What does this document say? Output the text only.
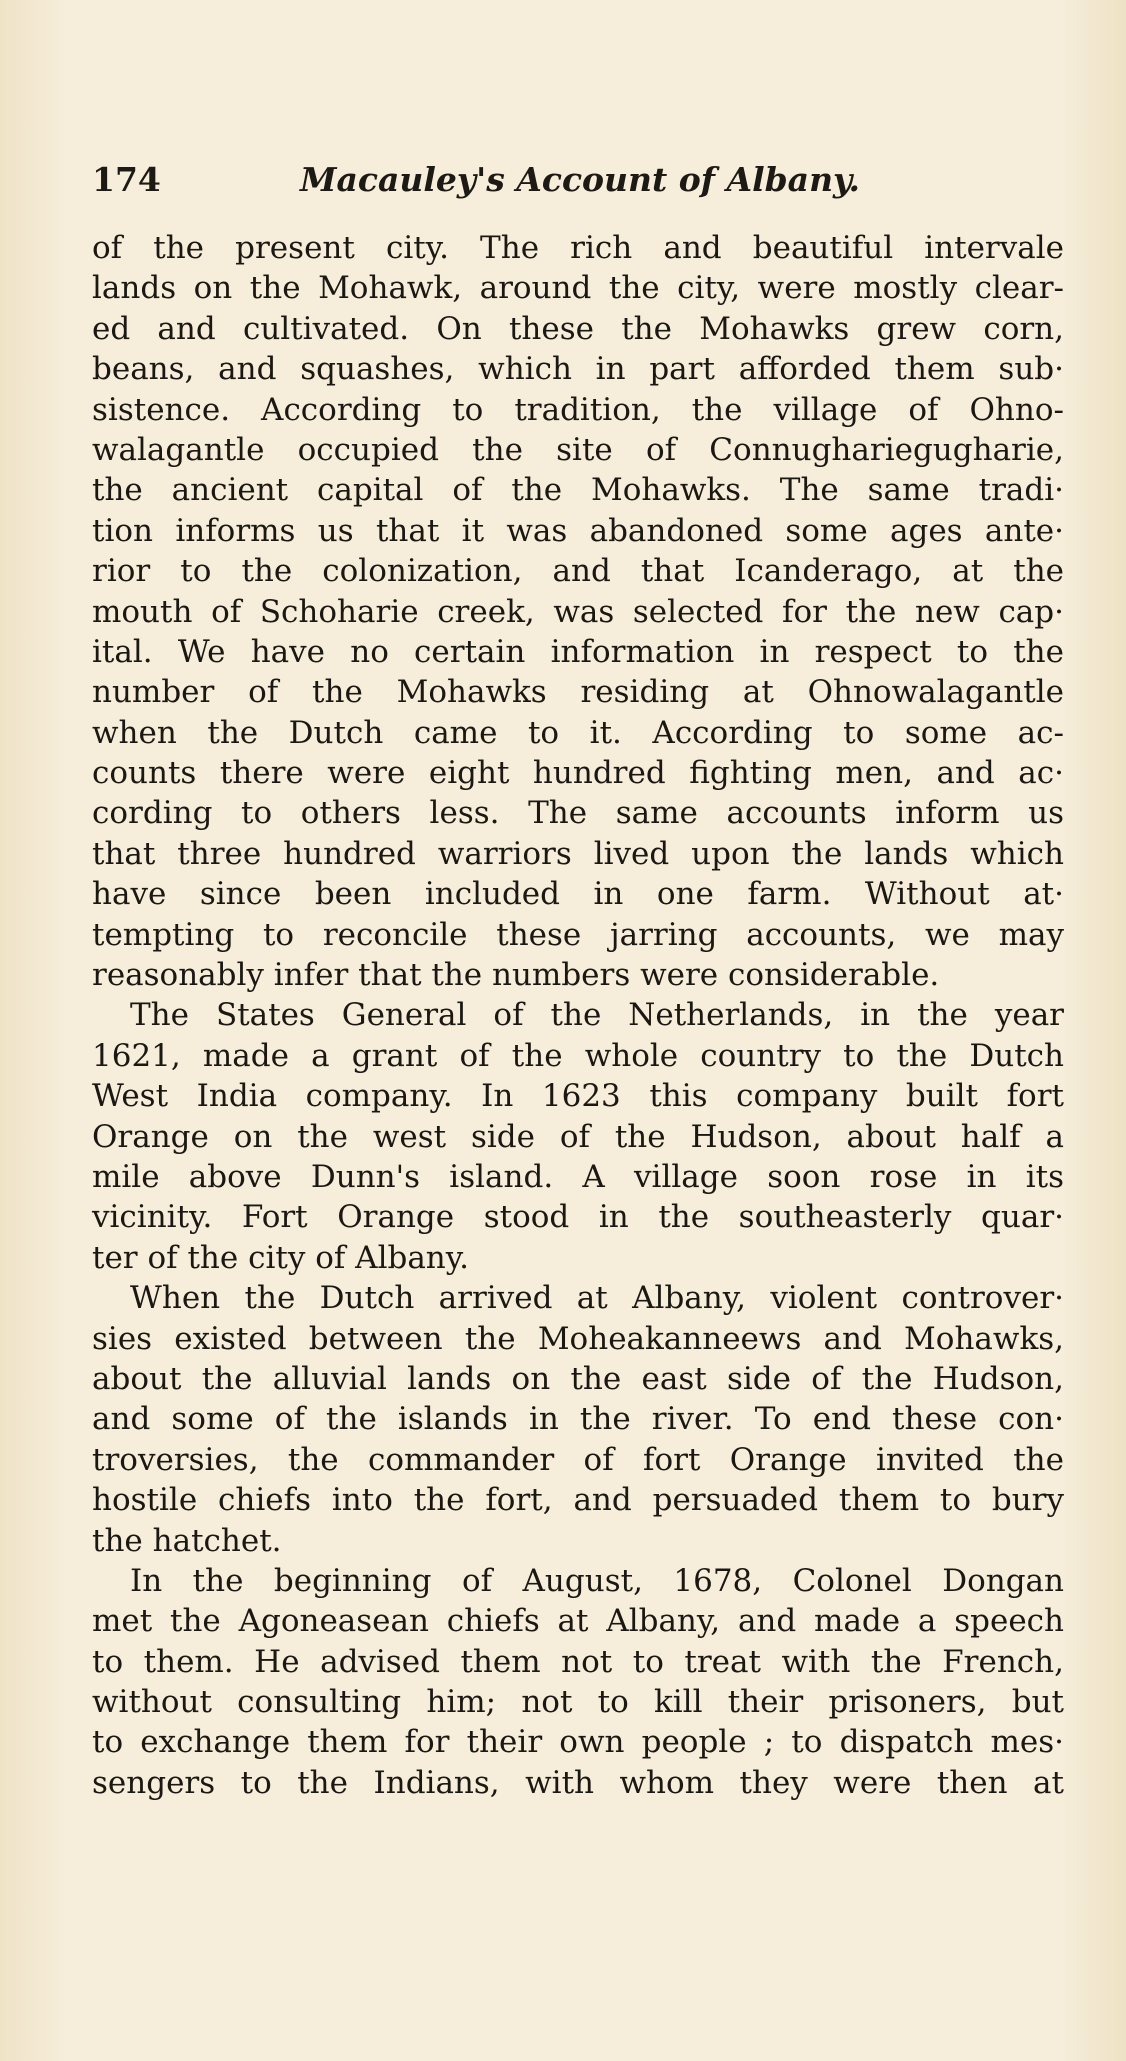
174	Macauley's Account of Albany.
of the present city. The rich and beautiful intervale
lands on the Mohawk, around the city, were mostly clear-
ed and cultivated. On these the Mohawks grew corn,
beans, and squashes, which in part afforded them sub·
sistence. According to tradition, the village of Ohno-
walagantle occupied the site of Connughariegugharie,
the ancient capital of the Mohawks. The same tradi·
tion informs us that it was abandoned some ages ante·
rior to the colonization, and that Icanderago, at the
mouth of Schoharie creek, was selected for the new cap·
ital. We have no certain information in respect to the
number of the Mohawks residing at Ohnowalagantle
when the Dutch came to it. According to some ac-
counts there were eight hundred fighting men, and ac·
cording to others less. The same accounts inform us
that three hundred warriors lived upon the lands which
have since been included in one farm. Without at·
tempting to reconcile these jarring accounts, we may
reasonably infer that the numbers were considerable.
The States General of the Netherlands, in the year
1621, made a grant of the whole country to the Dutch
West India company. In 1623 this company built fort
Orange on the west side of the Hudson, about half a
mile above Dunn's island. A village soon rose in its
vicinity. Fort Orange stood in the southeasterly quar·
ter of the city of Albany.
When the Dutch arrived at Albany, violent controver·
sies existed between the Moheakanneews and Mohawks,
about the alluvial lands on the east side of the Hudson,
and some of the islands in the river. To end these con·
troversies, the commander of fort Orange invited the
hostile chiefs into the fort, and persuaded them to bury
the hatchet.
In the beginning of August, 1678, Colonel Dongan
met the Agoneasean chiefs at Albany, and made a speech
to them. He advised them not to treat with the French,
without consulting him; not to kill their prisoners, but
to exchange them for their own people ; to dispatch mes·
sengers to the Indians, with whom they were then at
